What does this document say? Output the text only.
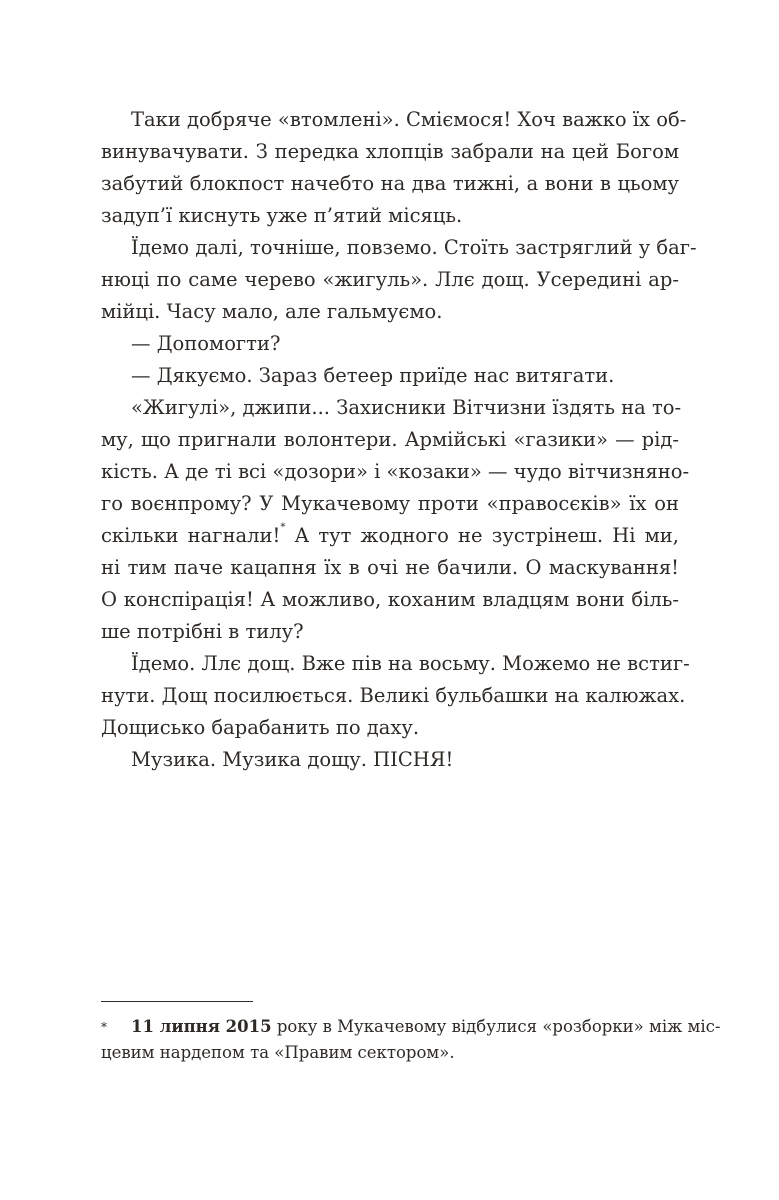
Таки добряче «втомлені». Сміємося! Хоч важко їх об-
винувачувати. З передка хлопців забрали на цей Богом
забутий блокпост начебто на два тижні, а вони в цьому
задуп’ї киснуть уже п’ятий місяць.
Їдемо далі, точніше, повземо. Стоїть застряглий у баг-
нюці по саме черево «жигуль». Ллє дощ. Усередині ар-
мійці. Часу мало, але гальмуємо.
— Допомогти?
— Дякуємо. Зараз бетеер приїде нас витягати.
«Жигулі», джипи... Захисники Вітчизни їздять на то-
му, що пригнали волонтери. Армійські «газики» — рід-
кість. А де ті всі «дозори» і «козаки» — чудо вітчизняно-
го воєнпрому? У Мукачевому проти «правосєків» їх он
скільки нагнали!* А тут жодного не зустрінеш. Ні ми,
ні тим паче кацапня їх в очі не бачили. О маскування!
О конспірація! А можливо, коханим владцям вони біль-
ше потрібні в тилу?
Їдемо. Ллє дощ. Вже пів на восьму. Можемо не встиг-
нути. Дощ посилюється. Великі бульбашки на калюжах.
Дощисько барабанить по даху.
Музика. Музика дощу. ПІСНЯ!
*	11 липня 2015 року в Мукачевому відбулися «розборки» між міс-
цевим нардепом та «Правим сектором».
